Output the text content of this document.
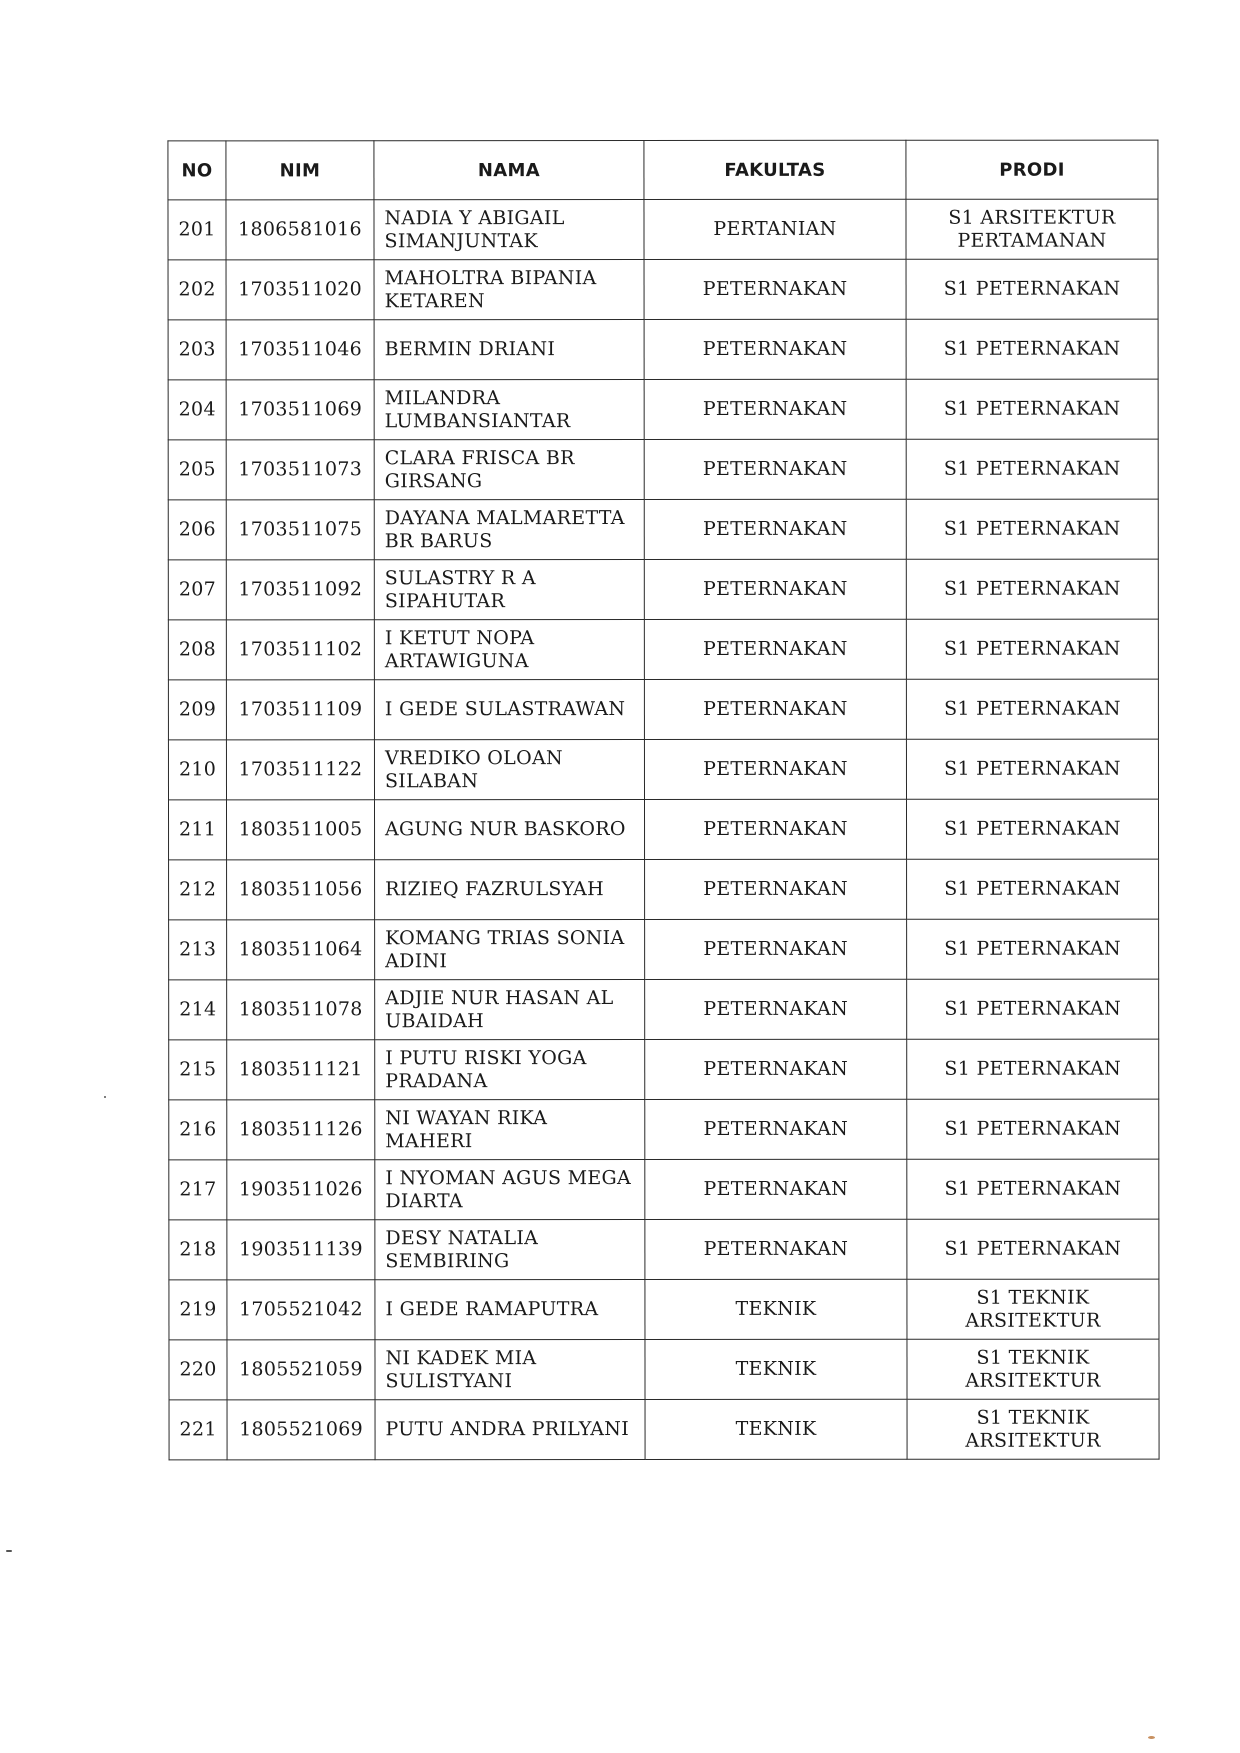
NO	NIM	NAMA	FAKULTAS	PRODI
201	1806581016	NADIA Y ABIGAIL SIMANJUNTAK	PERTANIAN	S1 ARSITEKTUR PERTAMANAN
202	1703511020	MAHOLTRA BIPANIA KETAREN	PETERNAKAN	S1 PETERNAKAN
203	1703511046	BERMIN DRIANI	PETERNAKAN	S1 PETERNAKAN
204	1703511069	MILANDRA LUMBANSIANTAR	PETERNAKAN	S1 PETERNAKAN
205	1703511073	CLARA FRISCA BR GIRSANG	PETERNAKAN	S1 PETERNAKAN
206	1703511075	DAYANA MALMARETTA BR BARUS	PETERNAKAN	S1 PETERNAKAN
207	1703511092	SULASTRY R A SIPAHUTAR	PETERNAKAN	S1 PETERNAKAN
208	1703511102	I KETUT NOPA ARTAWIGUNA	PETERNAKAN	S1 PETERNAKAN
209	1703511109	I GEDE SULASTRAWAN	PETERNAKAN	S1 PETERNAKAN
210	1703511122	VREDIKO OLOAN SILABAN	PETERNAKAN	S1 PETERNAKAN
211	1803511005	AGUNG NUR BASKORO	PETERNAKAN	S1 PETERNAKAN
212	1803511056	RIZIEQ FAZRULSYAH	PETERNAKAN	S1 PETERNAKAN
213	1803511064	KOMANG TRIAS SONIA ADINI	PETERNAKAN	S1 PETERNAKAN
214	1803511078	ADJIE NUR HASAN AL UBAIDAH	PETERNAKAN	S1 PETERNAKAN
215	1803511121	I PUTU RISKI YOGA PRADANA	PETERNAKAN	S1 PETERNAKAN
216	1803511126	NI WAYAN RIKA MAHERI	PETERNAKAN	S1 PETERNAKAN
217	1903511026	I NYOMAN AGUS MEGA DIARTA	PETERNAKAN	S1 PETERNAKAN
218	1903511139	DESY NATALIA SEMBIRING	PETERNAKAN	S1 PETERNAKAN
219	1705521042	I GEDE RAMAPUTRA	TEKNIK	S1 TEKNIK ARSITEKTUR
220	1805521059	NI KADEK MIA SULISTYANI	TEKNIK	S1 TEKNIK ARSITEKTUR
221	1805521069	PUTU ANDRA PRILYANI	TEKNIK	S1 TEKNIK ARSITEKTUR
